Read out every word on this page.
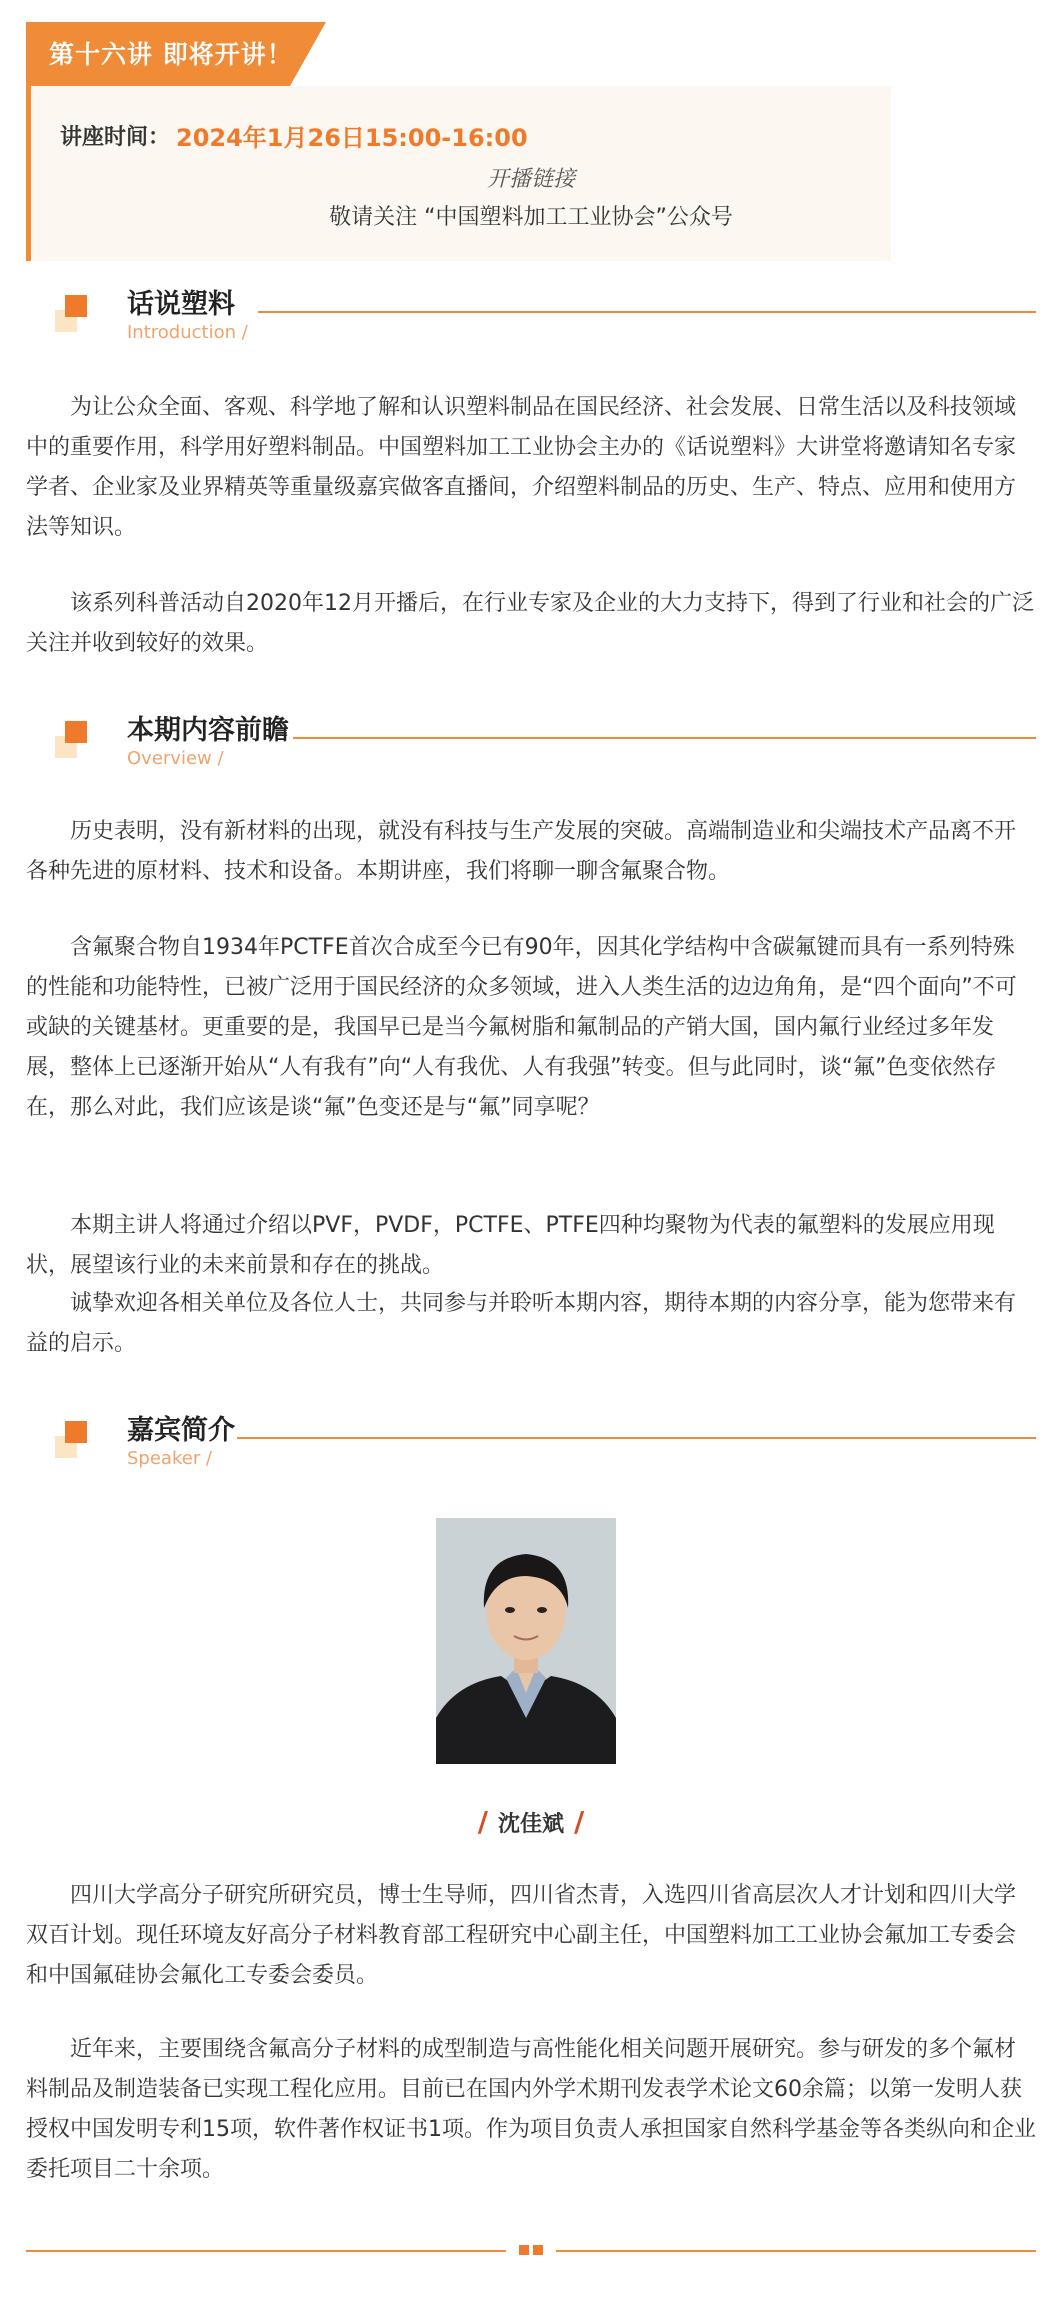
第十六讲 即将开讲！
讲座时间： 2024年1月26日15:00-16:00
开播链接
敬请关注 “中国塑料加工工业协会”公众号
话说塑料
Introduction /
为让公众全面、客观、科学地了解和认识塑料制品在国民经济、社会发展、日常生活以及科技领域中的重要作用，科学用好塑料制品。中国塑料加工工业协会主办的《话说塑料》大讲堂将邀请知名专家学者、企业家及业界精英等重量级嘉宾做客直播间，介绍塑料制品的历史、生产、特点、应用和使用方法等知识。
该系列科普活动自2020年12月开播后，在行业专家及企业的大力支持下，得到了行业和社会的广泛关注并收到较好的效果。
本期内容前瞻
Overview /
历史表明，没有新材料的出现，就没有科技与生产发展的突破。高端制造业和尖端技术产品离不开各种先进的原材料、技术和设备。本期讲座，我们将聊一聊含氟聚合物。
含氟聚合物自1934年PCTFE首次合成至今已有90年，因其化学结构中含碳氟键而具有一系列特殊的性能和功能特性，已被广泛用于国民经济的众多领域，进入人类生活的边边角角，是“四个面向”不可或缺的关键基材。更重要的是，我国早已是当今氟树脂和氟制品的产销大国，国内氟行业经过多年发展，整体上已逐渐开始从“人有我有”向“人有我优、人有我强”转变。但与此同时，谈“氟”色变依然存在，那么对此，我们应该是谈“氟”色变还是与“氟”同享呢？
本期主讲人将通过介绍以PVF，PVDF，PCTFE、PTFE四种均聚物为代表的氟塑料的发展应用现状，展望该行业的未来前景和存在的挑战。
诚挚欢迎各相关单位及各位人士，共同参与并聆听本期内容，期待本期的内容分享，能为您带来有益的启示。
嘉宾简介
Speaker /
/ 沈佳斌 /
四川大学高分子研究所研究员，博士生导师，四川省杰青，入选四川省高层次人才计划和四川大学双百计划。现任环境友好高分子材料教育部工程研究中心副主任，中国塑料加工工业协会氟加工专委会和中国氟硅协会氟化工专委会委员。
近年来，主要围绕含氟高分子材料的成型制造与高性能化相关问题开展研究。参与研发的多个氟材料制品及制造装备已实现工程化应用。目前已在国内外学术期刊发表学术论文60余篇；以第一发明人获授权中国发明专利15项，软件著作权证书1项。作为项目负责人承担国家自然科学基金等各类纵向和企业委托项目二十余项。
